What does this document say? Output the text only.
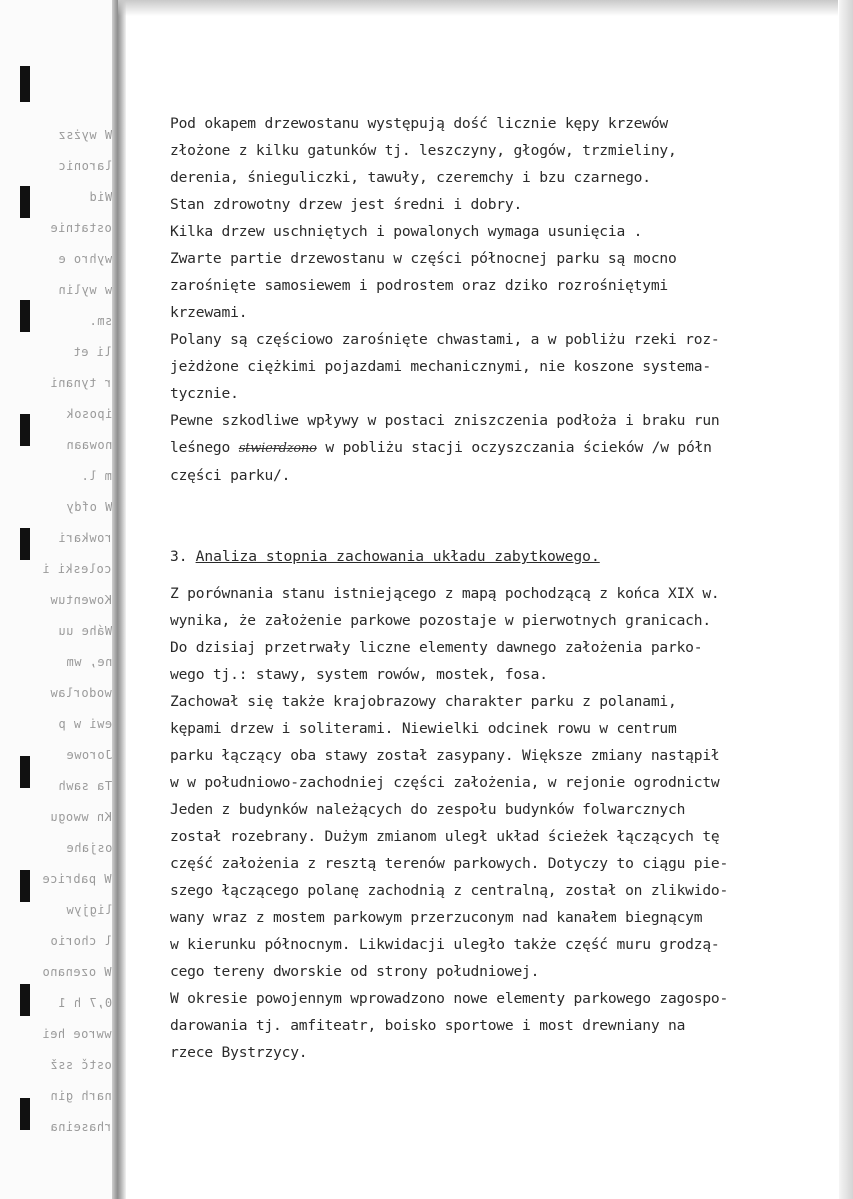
W wyższ
laronic
Wid
ostatnie
wyhro e
w wylin
sm.
li et
r tynani
iposok
nowaan
m l.
W ofdy
rowkari
coleski i
Kowentuw
Wáhe uu
ne, wm
wodorlaw
ewi w p
Jorowe
Ta sawh
Kn wwogu
osjahe
W pabrice
ligjyw
l chorio
W ozenano
0,7 h 1
wwroe hei
ostč ssž
narh gin
rhaseina
Pod okapem drzewostanu występują dość licznie kępy krzewów
złożone z kilku gatunków tj. leszczyny, głogów, trzmieliny,
derenia, śnieguliczki, tawuły, czeremchy i bzu czarnego.
Stan zdrowotny drzew jest średni i dobry.
Kilka drzew uschniętych i powalonych wymaga usunięcia .
Zwarte partie drzewostanu w części północnej parku są mocno
zarośnięte samosiewem i podrostem oraz dziko rozrośniętymi
krzewami.
Polany są częściowo zarośnięte chwastami, a w pobliżu rzeki roz-
jeżdżone ciężkimi pojazdami mechanicznymi, nie koszone systema-
tycznie.
Pewne szkodliwe wpływy w postaci zniszczenia podłoża i braku run
leśnego stwierdzono w pobliżu stacji oczyszczania ścieków /w półn
części parku/.
3. Analiza stopnia zachowania układu zabytkowego.
Z porównania stanu istniejącego z mapą pochodzącą z końca XIX w.
wynika, że założenie parkowe pozostaje w pierwotnych granicach.
Do dzisiaj przetrwały liczne elementy dawnego założenia parko-
wego tj.: stawy, system rowów, mostek, fosa.
Zachował się także krajobrazowy charakter parku z polanami,
kępami drzew i soliterami. Niewielki odcinek rowu w centrum
parku łączący oba stawy został zasypany. Większe zmiany nastąpił
w w południowo-zachodniej części założenia, w rejonie ogrodnictw
Jeden z budynków należących do zespołu budynków folwarcznych
został rozebrany. Dużym zmianom uległ układ ścieżek łączących tę
część założenia z resztą terenów parkowych. Dotyczy to ciągu pie-
szego łączącego polanę zachodnią z centralną, został on zlikwido-
wany wraz z mostem parkowym przerzuconym nad kanałem biegnącym
w kierunku północnym. Likwidacji uległo także część muru grodzą-
cego tereny dworskie od strony południowej.
W okresie powojennym wprowadzono nowe elementy parkowego zagospo-
darowania tj. amfiteatr, boisko sportowe i most drewniany na
rzece Bystrzycy.
